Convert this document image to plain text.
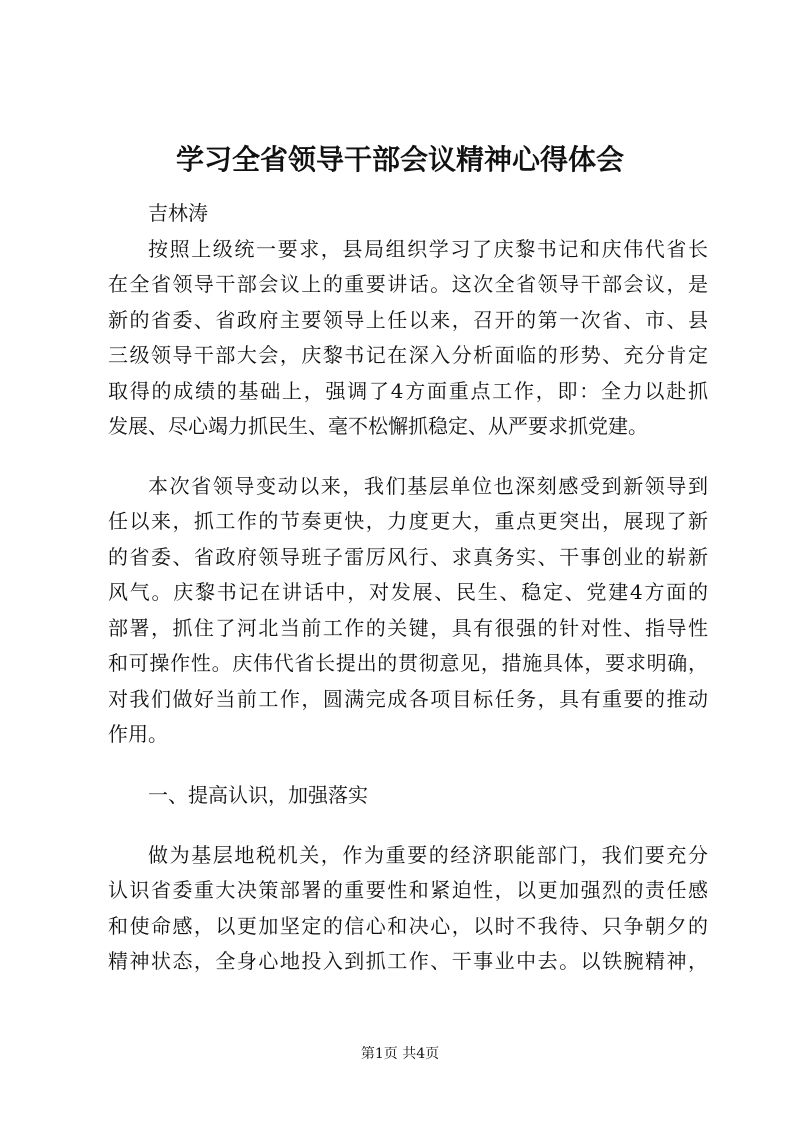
学习全省领导干部会议精神心得体会
吉林涛
按照上级统一要求，县局组织学习了庆黎书记和庆伟代省长
在全省领导干部会议上的重要讲话。这次全省领导干部会议，是
新的省委、省政府主要领导上任以来，召开的第一次省、市、县
三级领导干部大会，庆黎书记在深入分析面临的形势、充分肯定
取得的成绩的基础上，强调了4方面重点工作，即：全力以赴抓
发展、尽心竭力抓民生、毫不松懈抓稳定、从严要求抓党建。
本次省领导变动以来，我们基层单位也深刻感受到新领导到
任以来，抓工作的节奏更快，力度更大，重点更突出，展现了新
的省委、省政府领导班子雷厉风行、求真务实、干事创业的崭新
风气。庆黎书记在讲话中，对发展、民生、稳定、党建4方面的
部署，抓住了河北当前工作的关键，具有很强的针对性、指导性
和可操作性。庆伟代省长提出的贯彻意见，措施具体，要求明确，
对我们做好当前工作，圆满完成各项目标任务，具有重要的推动
作用。
一、提高认识，加强落实
做为基层地税机关，作为重要的经济职能部门，我们要充分
认识省委重大决策部署的重要性和紧迫性，以更加强烈的责任感
和使命感，以更加坚定的信心和决心，以时不我待、只争朝夕的
精神状态，全身心地投入到抓工作、干事业中去。以铁腕精神，
第1页 共4页
